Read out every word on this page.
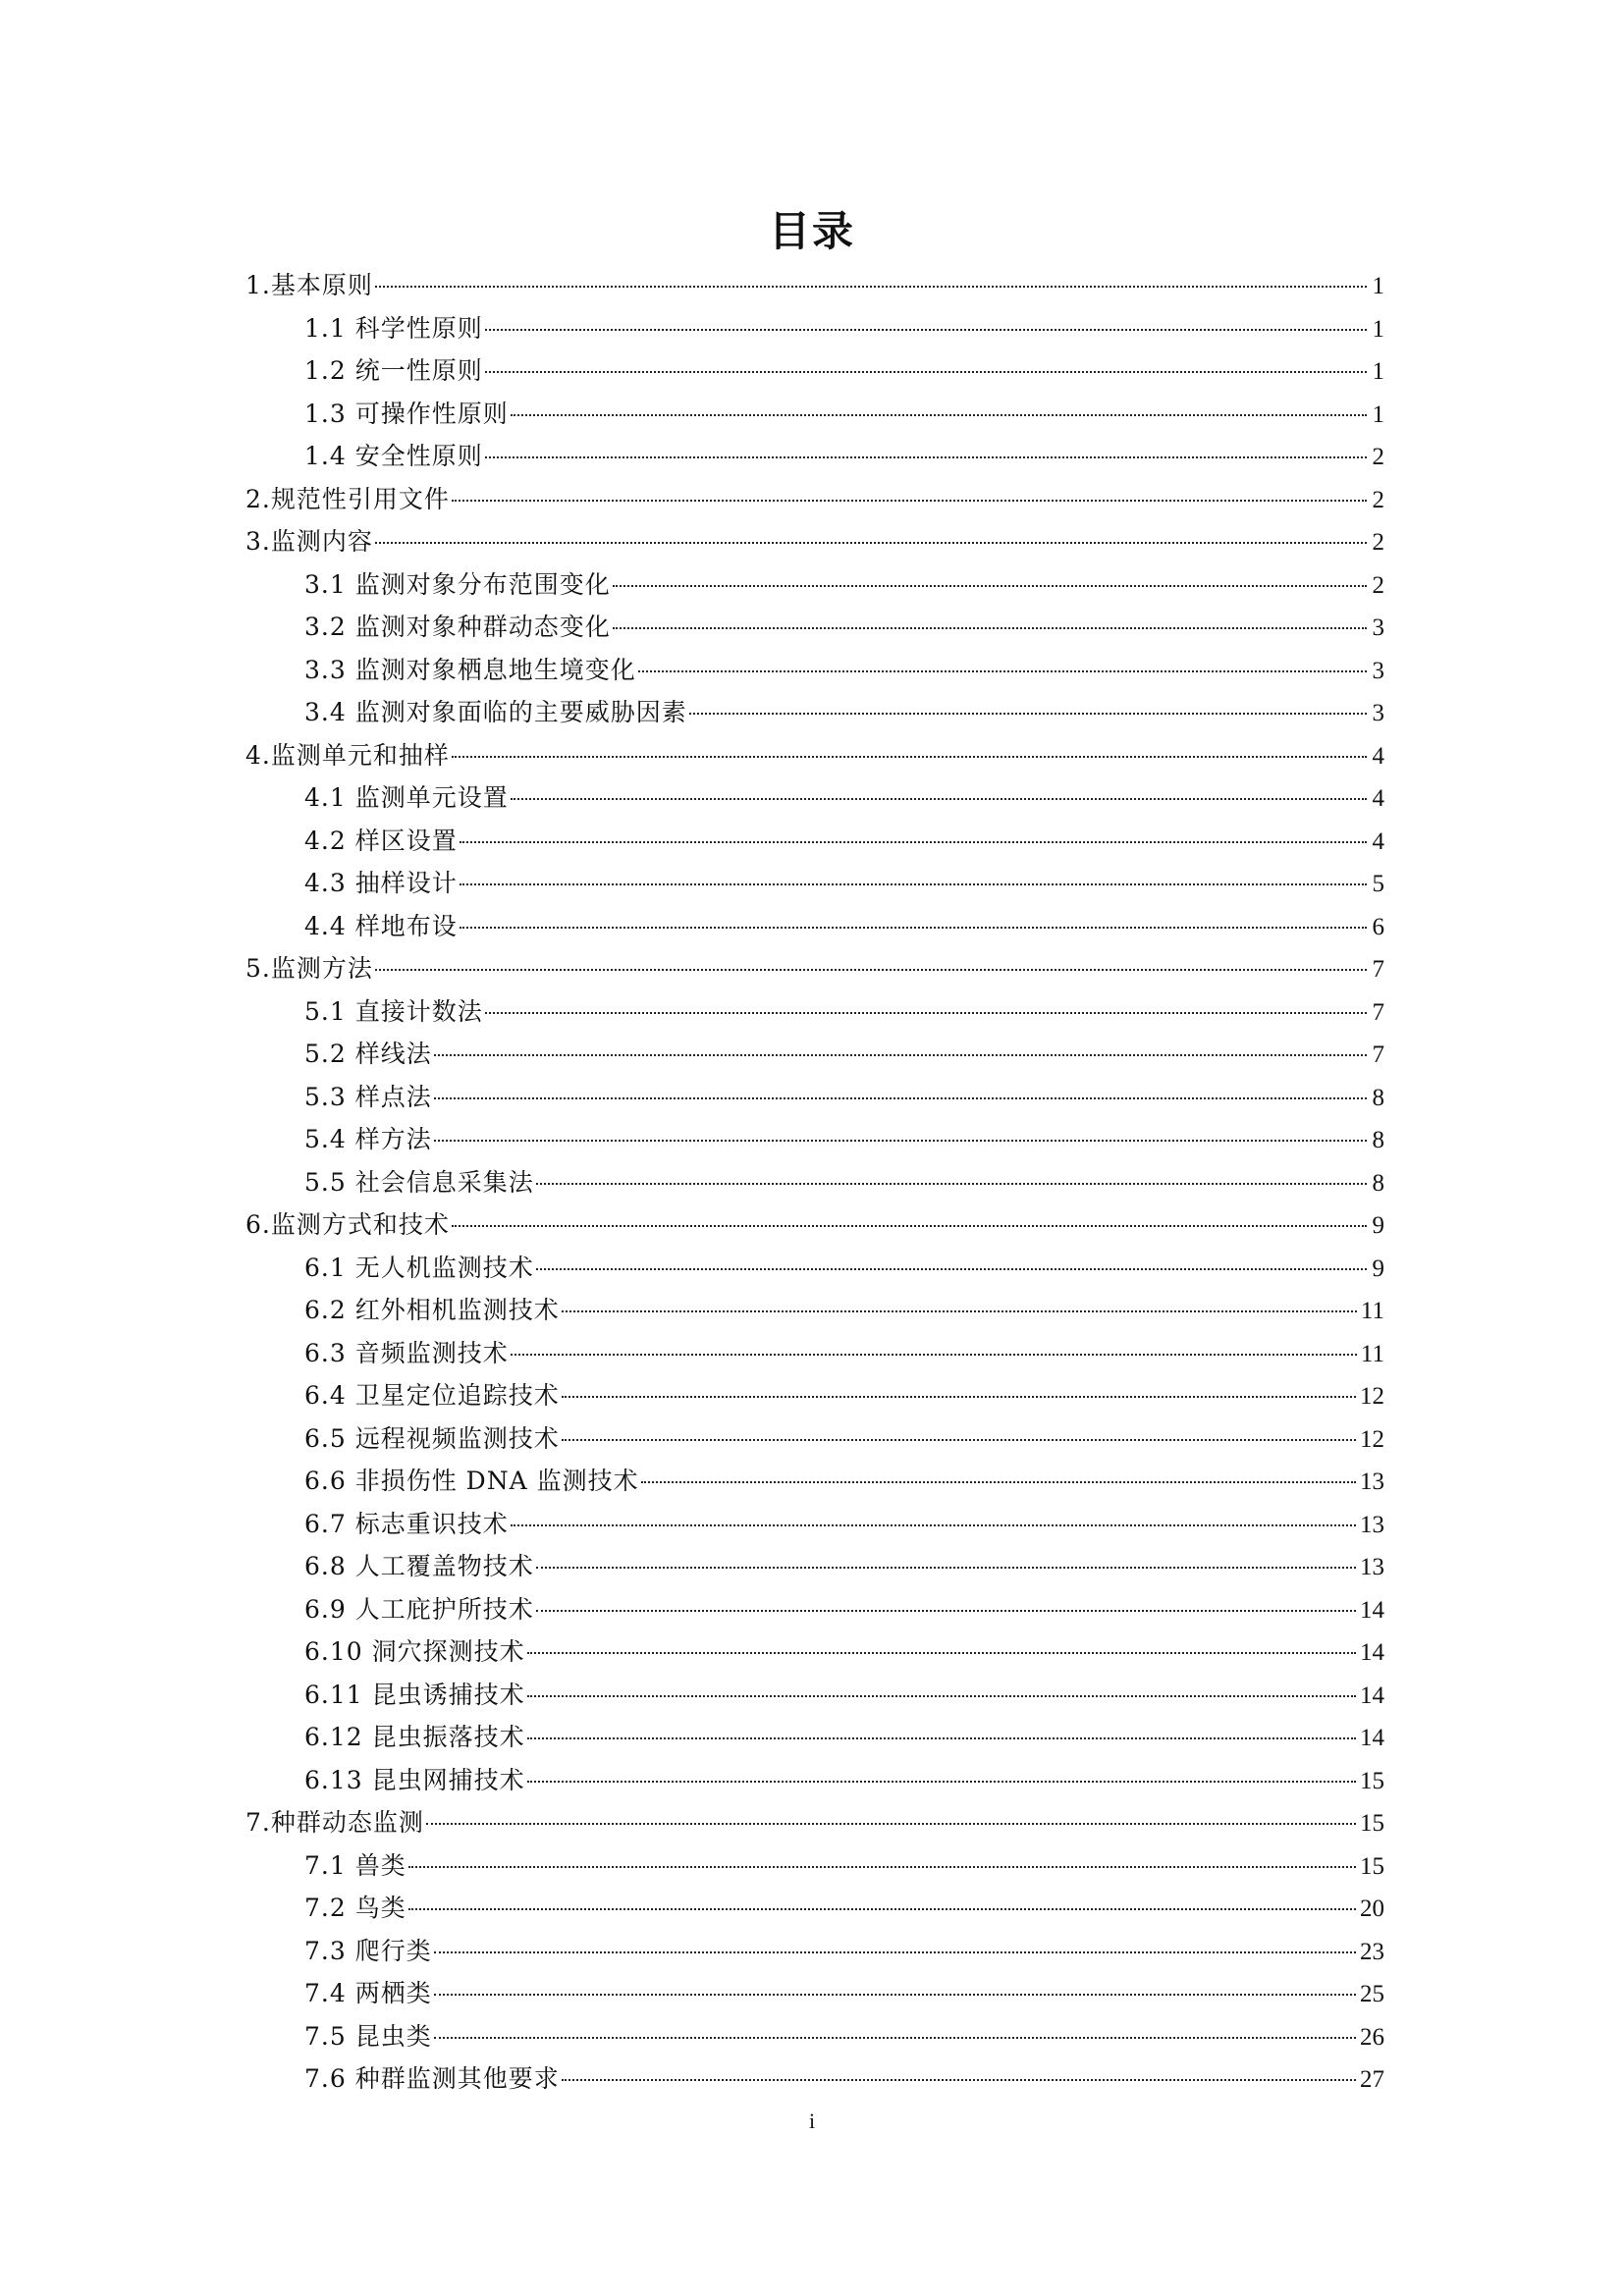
目录
1.基本原则	1
1.1 科学性原则	1
1.2 统一性原则	1
1.3 可操作性原则	1
1.4 安全性原则	2
2.规范性引用文件	2
3.监测内容	2
3.1 监测对象分布范围变化	2
3.2 监测对象种群动态变化	3
3.3 监测对象栖息地生境变化	3
3.4 监测对象面临的主要威胁因素	3
4.监测单元和抽样	4
4.1 监测单元设置	4
4.2 样区设置	4
4.3 抽样设计	5
4.4 样地布设	6
5.监测方法	7
5.1 直接计数法	7
5.2 样线法	7
5.3 样点法	8
5.4 样方法	8
5.5 社会信息采集法	8
6.监测方式和技术	9
6.1 无人机监测技术	9
6.2 红外相机监测技术	11
6.3 音频监测技术	11
6.4 卫星定位追踪技术	12
6.5 远程视频监测技术	12
6.6 非损伤性 DNA 监测技术	13
6.7 标志重识技术	13
6.8 人工覆盖物技术	13
6.9 人工庇护所技术	14
6.10 洞穴探测技术	14
6.11 昆虫诱捕技术	14
6.12 昆虫振落技术	14
6.13 昆虫网捕技术	15
7.种群动态监测	15
7.1 兽类	15
7.2 鸟类	20
7.3 爬行类	23
7.4 两栖类	25
7.5 昆虫类	26
7.6 种群监测其他要求	27
i
